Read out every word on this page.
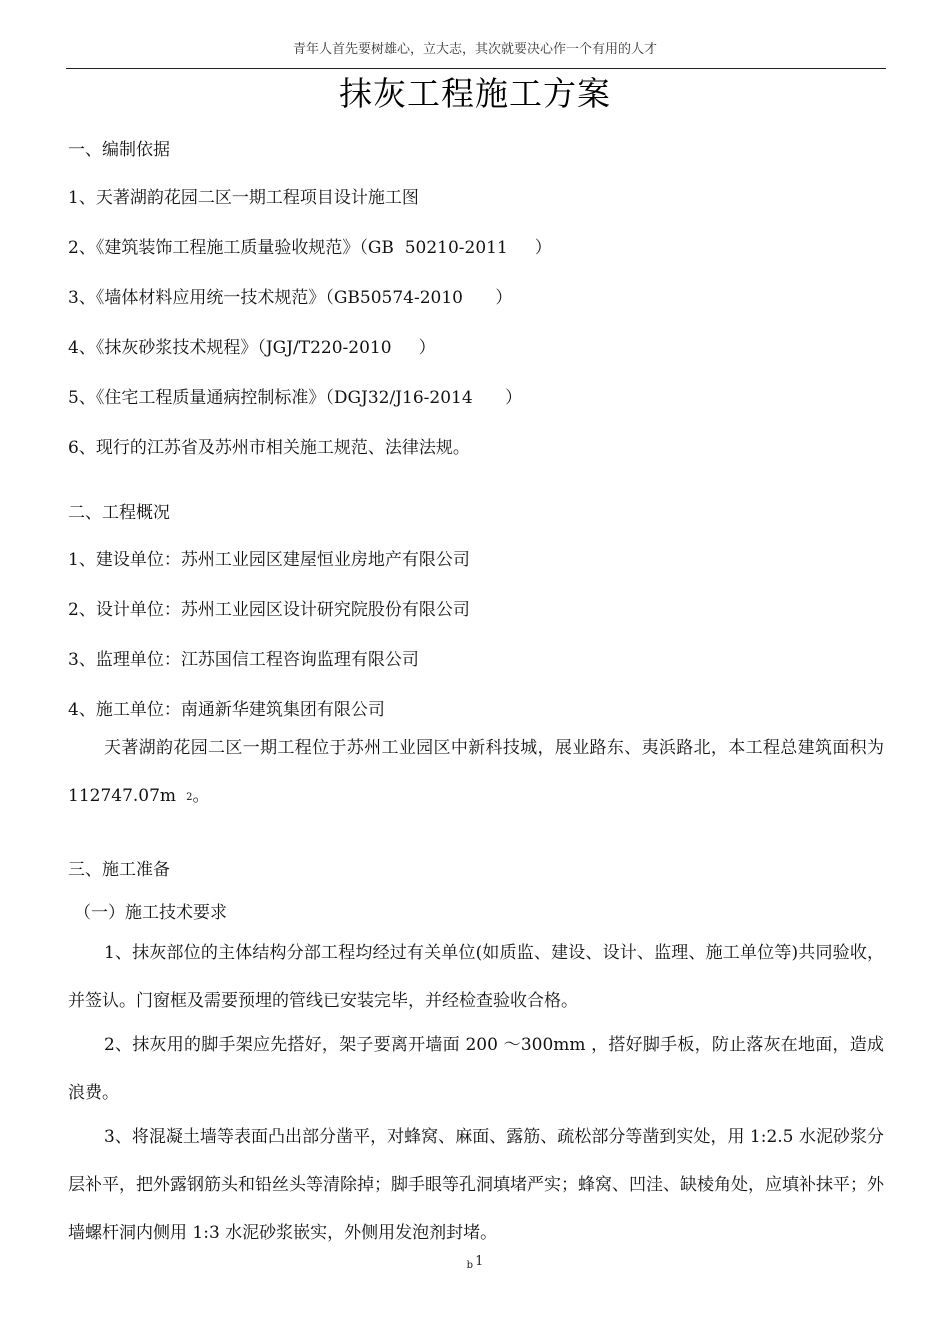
青年人首先要树雄心，立大志，其次就要决心作一个有用的人才
抹灰工程施工方案
一、编制依据
1、天著湖韵花园二区一期工程项目设计施工图
2、《建筑装饰工程施工质量验收规范》（GB  50210-2011     ）
3、《墙体材料应用统一技术规范》（GB50574-2010      ）
4、《抹灰砂浆技术规程》（JGJ/T220-2010     ）
5、《住宅工程质量通病控制标准》（DGJ32/J16-2014      ）
6、现行的江苏省及苏州市相关施工规范、法律法规。
二、工程概况
1、建设单位：苏州工业园区建屋恒业房地产有限公司
2、设计单位：苏州工业园区设计研究院股份有限公司
3、监理单位：江苏国信工程咨询监理有限公司
4、施工单位：南通新华建筑集团有限公司
天著湖韵花园二区一期工程位于苏州工业园区中新科技城，展业路东、夷浜路北，本工程总建筑面积为 112747.07m 2。
三、施工准备
（一）施工技术要求
1、抹灰部位的主体结构分部工程均经过有关单位(如质监、建设、设计、监理、施工单位等)共同验收，并签认。门窗框及需要预埋的管线已安装完毕，并经检查验收合格。
2、抹灰用的脚手架应先搭好，架子要离开墙面 200 ～300mm ，搭好脚手板，防止落灰在地面，造成浪费。
3、将混凝土墙等表面凸出部分凿平，对蜂窝、麻面、露筋、疏松部分等凿到实处，用 1:2.5 水泥砂浆分层补平，把外露钢筋头和铅丝头等清除掉；脚手眼等孔洞填堵严实；蜂窝、凹洼、缺棱角处，应填补抹平；外墙螺杆洞内侧用 1:3 水泥砂浆嵌实，外侧用发泡剂封堵。
$_b$ 1
